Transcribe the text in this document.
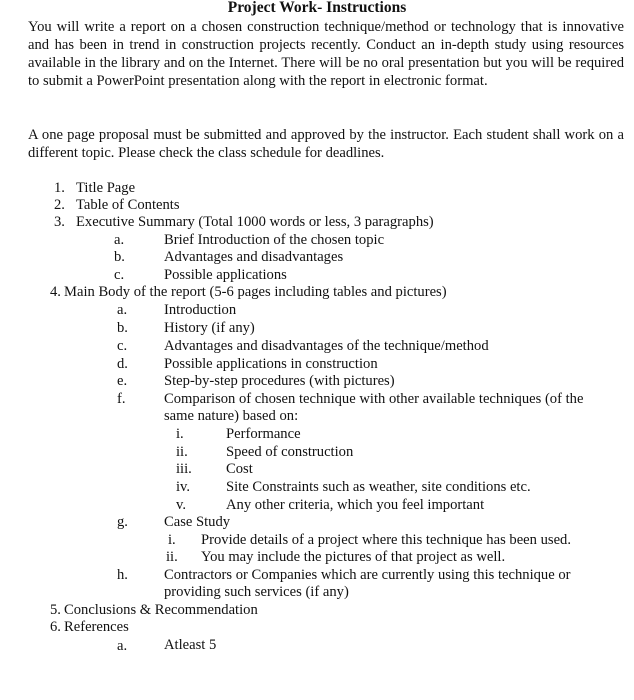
Project Work- Instructions

You will write a report on a chosen construction technique/method or technology that is innovative and has been in trend in construction projects recently. Conduct an in-depth study using resources available in the library and on the Internet. There will be no oral presentation but you will be required to submit a PowerPoint presentation along with the report in electronic format.

A one page proposal must be submitted and approved by the instructor. Each student shall work on a different topic. Please check the class schedule for deadlines.

1. Title Page
2. Table of Contents
3. Executive Summary (Total 1000 words or less, 3 paragraphs)
a.	Brief Introduction of the chosen topic
b.	Advantages and disadvantages
c.	Possible applications
4. Main Body of the report (5-6 pages including tables and pictures)
a.	Introduction
b. History (if any)
c.	Advantages and disadvantages of the technique/method
d. Possible applications in construction
e.	Step-by-step procedures (with pictures)
f.	Comparison of chosen technique with other available techniques (of the
same nature) based on:
i.	Performance
ii.	Speed of construction
iii. Cost
iv. Site Constraints such as weather, site conditions etc.
v.	Any other criteria, which you feel important
g. Case Study
i. Provide details of a project where this technique has been used.
ii. You may include the pictures of that project as well.
h. Contractors or Companies which are currently using this technique or
providing such services (if any)
5. Conclusions & Recommendation
6. References
a.	Atleast 5
